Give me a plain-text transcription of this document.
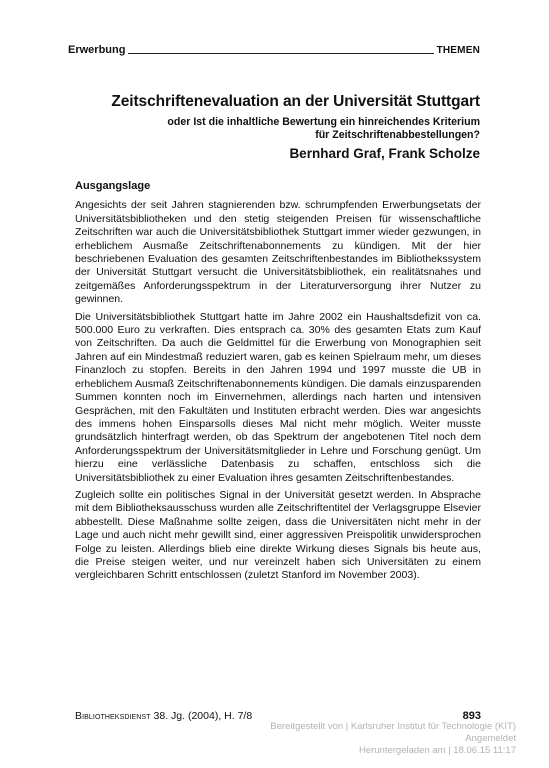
Erwerbung	THEMEN
Zeitschriftenevaluation an der Universität Stuttgart
oder Ist die inhaltliche Bewertung ein hinreichendes Kriterium
für Zeitschriftenabbestellungen?
Bernhard Graf, Frank Scholze
Ausgangslage

Angesichts der seit Jahren stagnierenden bzw. schrumpfenden Erwerbungsetats der Universitätsbibliotheken und den stetig steigenden Preisen für wissenschaftliche Zeitschriften war auch die Universitätsbibliothek Stuttgart immer wieder gezwungen, in erheblichem Ausmaße Zeitschriftenabonnements zu kündigen. Mit der hier beschriebenen Evaluation des gesamten Zeitschriftenbestandes im Bibliothekssystem der Universität Stuttgart versucht die Universitätsbibliothek, ein realitätsnahes und zeitgemäßes Anforderungsspektrum in der Literaturversorgung ihrer Nutzer zu gewinnen.

Die Universitätsbibliothek Stuttgart hatte im Jahre 2002 ein Haushaltsdefizit von ca. 500.000 Euro zu verkraften. Dies entsprach ca. 30% des gesamten Etats zum Kauf von Zeitschriften. Da auch die Geldmittel für die Erwerbung von Monographien seit Jahren auf ein Mindestmaß reduziert waren, gab es keinen Spielraum mehr, um dieses Finanzloch zu stopfen. Bereits in den Jahren 1994 und 1997 musste die UB in erheblichem Ausmaß Zeitschriftenabonnements kündigen. Die damals einzusparenden Summen konnten noch im Einvernehmen, allerdings nach harten und intensiven Gesprächen, mit den Fakultäten und Instituten erbracht werden. Dies war angesichts des immens hohen Einsparsolls dieses Mal nicht mehr möglich. Weiter musste grundsätzlich hinterfragt werden, ob das Spektrum der angebotenen Titel noch dem Anforderungsspektrum der Universitätsmitglieder in Lehre und Forschung genügt. Um hierzu eine verlässliche Datenbasis zu schaffen, entschloss sich die Universitätsbibliothek zu einer Evaluation ihres gesamten Zeitschriftenbestandes.

Zugleich sollte ein politisches Signal in der Universität gesetzt werden. In Absprache mit dem Bibliotheksausschuss wurden alle Zeitschriftentitel der Verlagsgruppe Elsevier abbestellt. Diese Maßnahme sollte zeigen, dass die Universitäten nicht mehr in der Lage und auch nicht mehr gewillt sind, einer aggressiven Preispolitik unwidersprochen Folge zu leisten. Allerdings blieb eine direkte Wirkung dieses Signals bis heute aus, die Preise steigen weiter, und nur vereinzelt haben sich Universitäten zu einem vergleichbaren Schritt entschlossen (zuletzt Stanford im November 2003).

Bibliotheksdienst 38. Jg. (2004), H. 7/8	893
Bereitgestellt von | Karlsruher Institut für Technologie (KIT)
Angemeldet
Heruntergeladen am | 18.06.15 11:17
